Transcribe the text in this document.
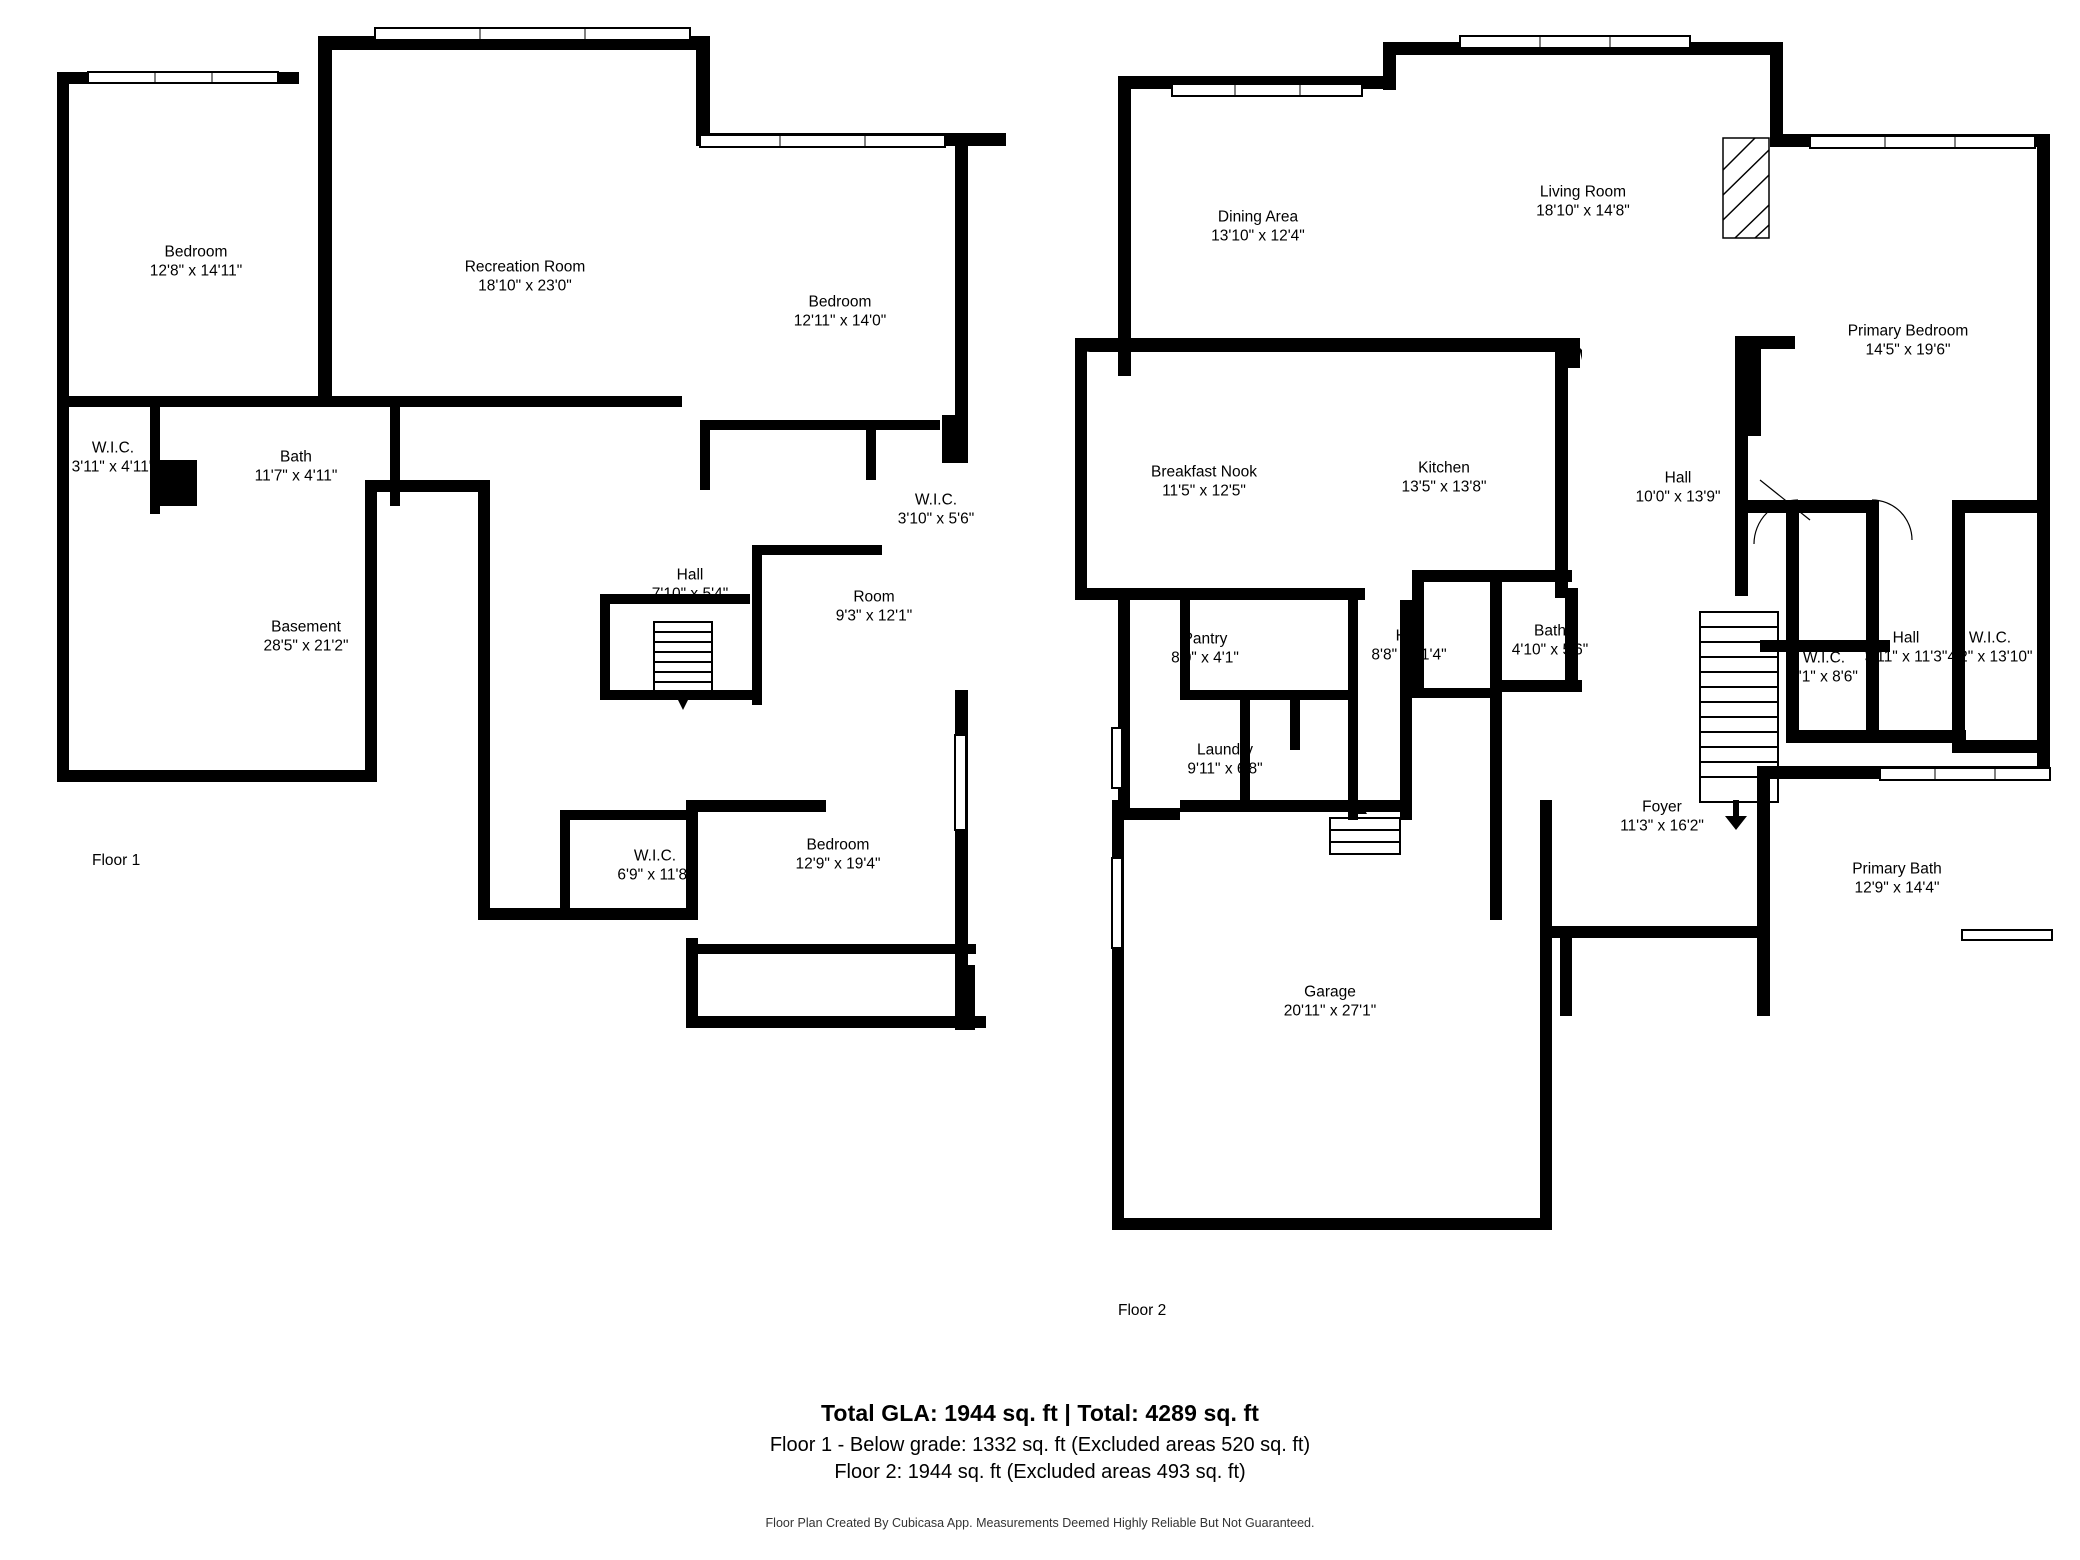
Bedroom
12'8" x 14'11"	Recreation Room
18'10" x 23'0"
Bedroom
12'11" x 14'0"
W.I.C.
3'11" x 4'11"
Bath
11'7" x 4'11"
W.I.C.
3'10" x 5'6"
Hall
7'10" x 5'4"	Room
9'3" x 12'1"
Basement
28'5" x 21'2"
W.I.C.
6'9" x 11'8"
Bedroom
12'9" x 19'4"
Dining Area
13'10" x 12'4"
Living Room
18'10" x 14'8"
Primary Bedroom
14'5" x 19'6"
Breakfast Nook
11'5" x 12'5"
Kitchen
13'5" x 13'8"
Hall
10'0" x 13'9"
Pantry
8'0" x 4'1"
Hall
8'8" x 11'4"
Bath
4'10" x 5'6"	W.I.C.
4'1" x 8'6"
Hall
3'11" x 11'3"
W.I.C.
4'2" x 13'10"
Laundry
9'11" x 6'8"
Foyer
11'3" x 16'2"
Primary Bath
12'9" x 14'4"
Garage
20'11" x 27'1"
Total GLA: 1944 sq. ft | Total: 4289 sq. ft
Floor 1 - Below grade: 1332 sq. ft (Excluded areas 520 sq. ft)
Floor 2: 1944 sq. ft (Excluded areas 493 sq. ft)
Floor Plan Created By Cubicasa App. Measurements Deemed Highly Reliable But Not Guaranteed.
Floor 1
Floor 2
